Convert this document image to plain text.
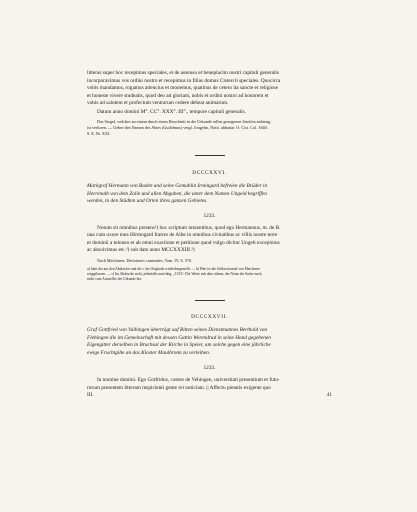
litteras super hoc recepimus speciales, et de assensu et beneplacito nostri capituli generalis

incorporavimus vos ordini nostro et recepimus in filias domus Cistercii speciales. Quocirca

vobis mandamus, rogamus attencius et monemus, quatinus de cetero ita sancte et religiose

et honeste vivere studeatis, quod deo ad gloriam, nobis et ordini nostro ad honorem et

vobis ad salutem et profectum ventrarum cedere debeat animarum.

Datum anno domini M°. CC°. XXX°. III°., tempore capituli generalis.

Das Siegel, welches an einem durch einen Einschnitt in die Urkunde selbst gezogenen Streifen anhieng,

ist verloren. — Ueber den Namen des Abtes (Guilelmus) vergl. Jongelin, Notit. abbatiar. O. Cist. Col. 1640.

S. 8, Nr. XXI.

DCCCXXVI.

Markgraf Hermann von Baden und seine Gemahlin Irmingard befreien die Brüder in

Herrenalb von dem Zolle und allen Abgaben, die unter dem Namen Ungeld begriffen

werden, in den Städten und Orten ihres ganzen Gebietes.

1233.

Notum sit omnibus presens¹) hoc scriptum intuentibus, quod ego Hermannus, m. de B.

una cum uxore mea Hirmogard fratres de Albe in omnibus civitatibus ac villis nostre terre

et dominii a teloneo et ab omni exactione et petitione quod vulgo dicitur Ungelt excepimus

ac absolvimus etc.²) sub dato anno MCCXXXIII.³)

Nach Meichsner, Decisiones camerales, Tom. IV, S. 570.

a) Statt der aus den Abdrucke sind die » der Originale wiederhergestellt. — b) Hier ist die Schlussformel von Meichsner

weggelassen. — c) Im Abdrucke steht, jedenfalls unrichtig, „1333“. Die Worte sub dato rühren, der Natur der Sache nach,

nicht vom Aussteller der Urkunde her.

DCCCXXVII.

Graf Gottfried von Vaihingen überträgt auf Bitten seines Dienstmannes Berthold von

Flehingen die im Gemeinschaft mit dessen Gattin Werendrud in seine Hand gegebenen

Eigengitter derselben in Bruchsal der Kirche in Speier, um solche gegen eine jährliche

ewige Fruchtgilte an das Kloster Maulbronn zu verleihen.

1233.

In nomine domini. Ego Gotfridus, comes de Vehingen, universitati presentium et futu-

rorum presentem litteram inspicienti gente rei noticiam. || Affectu pietatis exigente quo

III.	41
